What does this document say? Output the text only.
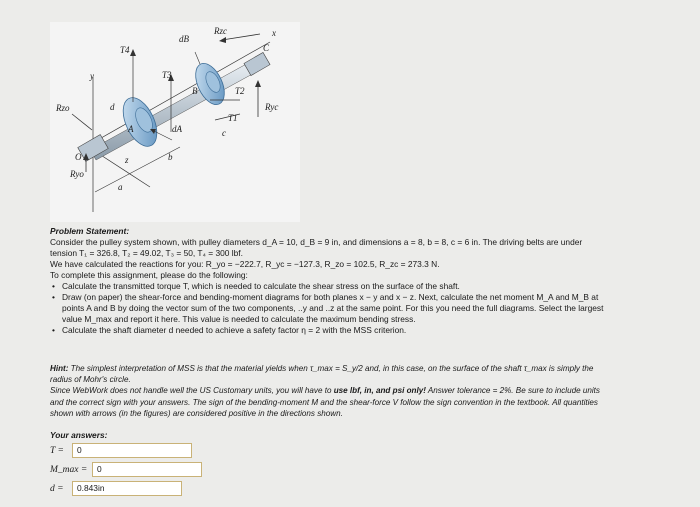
dB
Rzc	x
C
T4
y	T3
B	T2
Ryc
T1
Rzo	d
A	dA	c
O	b
z
Ryo
a
Problem Statement:
Consider the pulley system shown, with pulley diameters d_A = 10, d_B = 9 in, and dimensions a = 8, b = 8, c = 6 in. The driving belts are under
tension T₁ = 326.8, T₂ = 49.02, T₃ = 50, T₄ = 300 lbf.
We have calculated the reactions for you: R_yo = −222.7, R_yc = −127.3, R_zo = 102.5, R_zc = 273.3 N.
To complete this assignment, please do the following:
• Calculate the transmitted torque T, which is needed to calculate the shear stress on the surface of the shaft.
• Draw (on paper) the shear-force and bending-moment diagrams for both planes x − y and x − z. Next, calculate the net moment M_A and M_B at
points A and B by doing the vector sum of the two components, ..y and ..z at the same point. For this you need the full diagrams. Select the largest
value M_max and report it here. This value is needed to calculate the maximum bending stress.
• Calculate the shaft diameter d needed to achieve a safety factor η = 2 with the MSS criterion.
Hint: The simplest interpretation of MSS is that the material yields when τ_max = S_y/2 and, in this case, on the surface of the shaft τ_max is simply the
radius of Mohr's circle.
Since WebWork does not handle well the US Customary units, you will have to use lbf, in, and psi only! Answer tolerance = 2%. Be sure to include units
and the correct sign with your answers. The sign of the bending-moment M and the shear-force V follow the sign convention in the textbook. All quantities
shown with arrows (in the figures) are considered positive in the directions shown.
Your answers:
T =	0
M_max =	0
d =	0.843in
